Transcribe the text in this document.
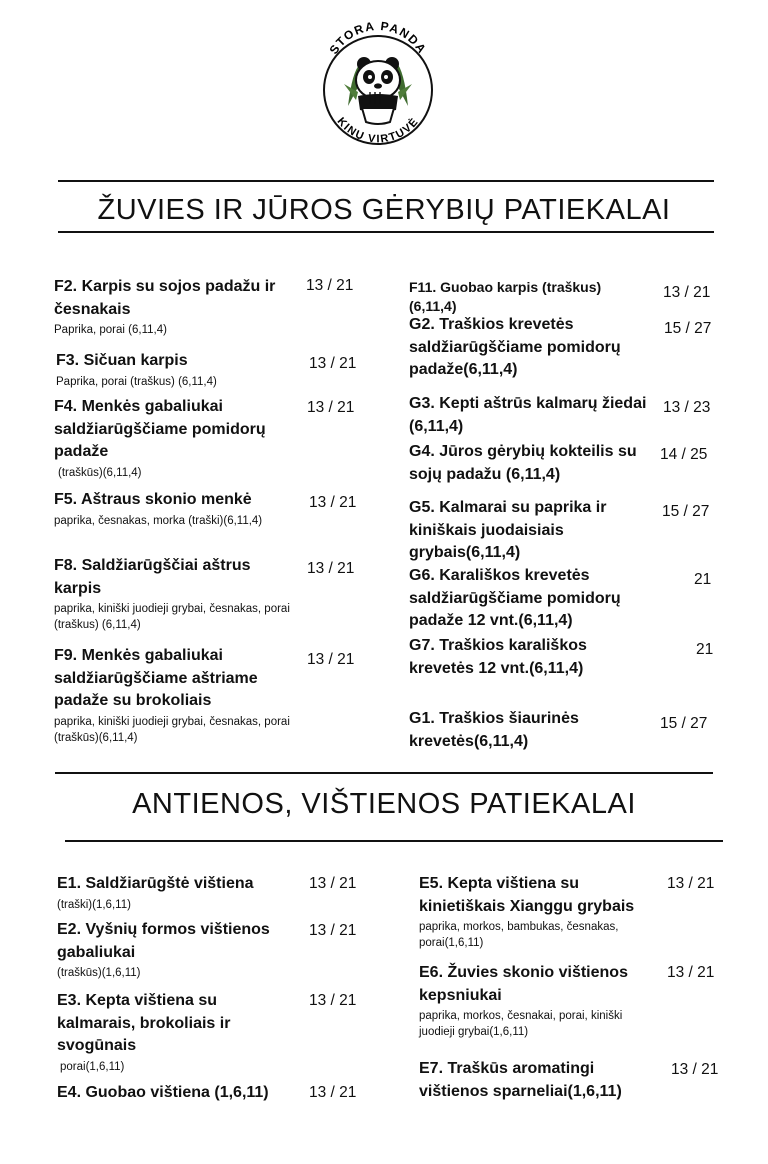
STORA PANDA
KINŲ VIRTUVĖ
ŽUVIES IR JŪROS GĖRYBIŲ PATIEKALAI
F2. Karpis su sojos padažu ir česnakais
Paprika, porai (6,11,4)
13 / 21
F3. Sičuan karpis
Paprika, porai (traškus) (6,11,4)
13 / 21
F4. Menkės gabaliukai saldžiarūgščiame pomidorų padaže
(traškūs)(6,11,4)
13 / 21
F5. Aštraus skonio menkė
paprika, česnakas, morka (traški)(6,11,4)
13 / 21
F8. Saldžiarūgščiai aštrus karpis
paprika, kiniški juodieji grybai, česnakas, porai (traškus) (6,11,4)
13 / 21
F9. Menkės gabaliukai saldžiarūgščiame aštriame padaže su brokoliais
paprika, kiniški juodieji grybai, česnakas, porai (traškūs)(6,11,4)
13 / 21
F11. Guobao karpis (traškus) (6,11,4)
13 / 21
G2. Traškios krevetės saldžiarūgščiame pomidorų padaže(6,11,4)
15 / 27
G3. Kepti aštrūs kalmarų žiedai (6,11,4)
13 / 23
G4. Jūros gėrybių kokteilis su sojų padažu (6,11,4)
14 / 25
G5. Kalmarai su paprika ir kiniškais juodaisiais grybais(6,11,4)
15 / 27
G6. Karališkos krevetės saldžiarūgščiame pomidorų padaže 12 vnt.(6,11,4)
21
G7. Traškios karališkos krevetės 12 vnt.(6,11,4)
21
G1. Traškios šiaurinės krevetės(6,11,4)
15 / 27
ANTIENOS, VIŠTIENOS PATIEKALAI
E1. Saldžiarūgštė vištiena
(traški)(1,6,11)
13 / 21
E2. Vyšnių formos vištienos gabaliukai
(traškūs)(1,6,11)
13 / 21
E3. Kepta vištiena su kalmarais, brokoliais ir svogūnais
porai(1,6,11)
13 / 21
E4. Guobao vištiena (1,6,11)	13 / 21
E5. Kepta vištiena su kinietiškais Xianggu grybais
paprika, morkos, bambukas, česnakas, porai(1,6,11)
13 / 21
E6. Žuvies skonio vištienos kepsniukai
paprika, morkos, česnakai, porai, kiniški juodieji grybai(1,6,11)
13 / 21
E7. Traškūs aromatingi vištienos sparneliai(1,6,11)
13 / 21
